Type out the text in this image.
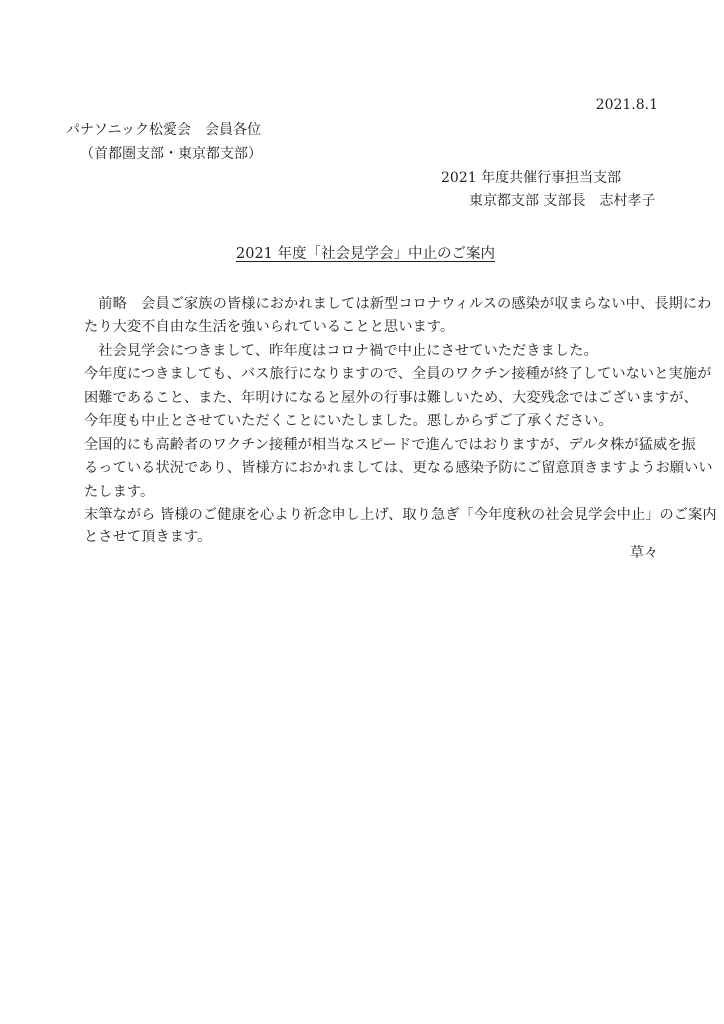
2021.8.1
パナソニック松愛会　会員各位
（首都圏支部・東京都支部）
2021 年度共催行事担当支部
東京都支部 支部長　志村孝子
2021 年度「社会見学会」中止のご案内
　前略　会員ご家族の皆様におかれましては新型コロナウィルスの感染が収まらない中、長期にわ
たり大変不自由な生活を強いられていることと思います。
　社会見学会につきまして、昨年度はコロナ禍で中止にさせていただきました。
今年度につきましても、バス旅行になりますので、全員のワクチン接種が終了していないと実施が
困難であること、また、年明けになると屋外の行事は難しいため、大変残念ではございますが、
今年度も中止とさせていただくことにいたしました。悪しからずご了承ください。
全国的にも高齢者のワクチン接種が相当なスピードで進んではおりますが、デルタ株が猛威を振
るっている状況であり、皆様方におかれましては、更なる感染予防にご留意頂きますようお願いい
たします。
末筆ながら 皆様のご健康を心より祈念申し上げ、取り急ぎ「今年度秋の社会見学会中止」のご案内
とさせて頂きます。
草々
